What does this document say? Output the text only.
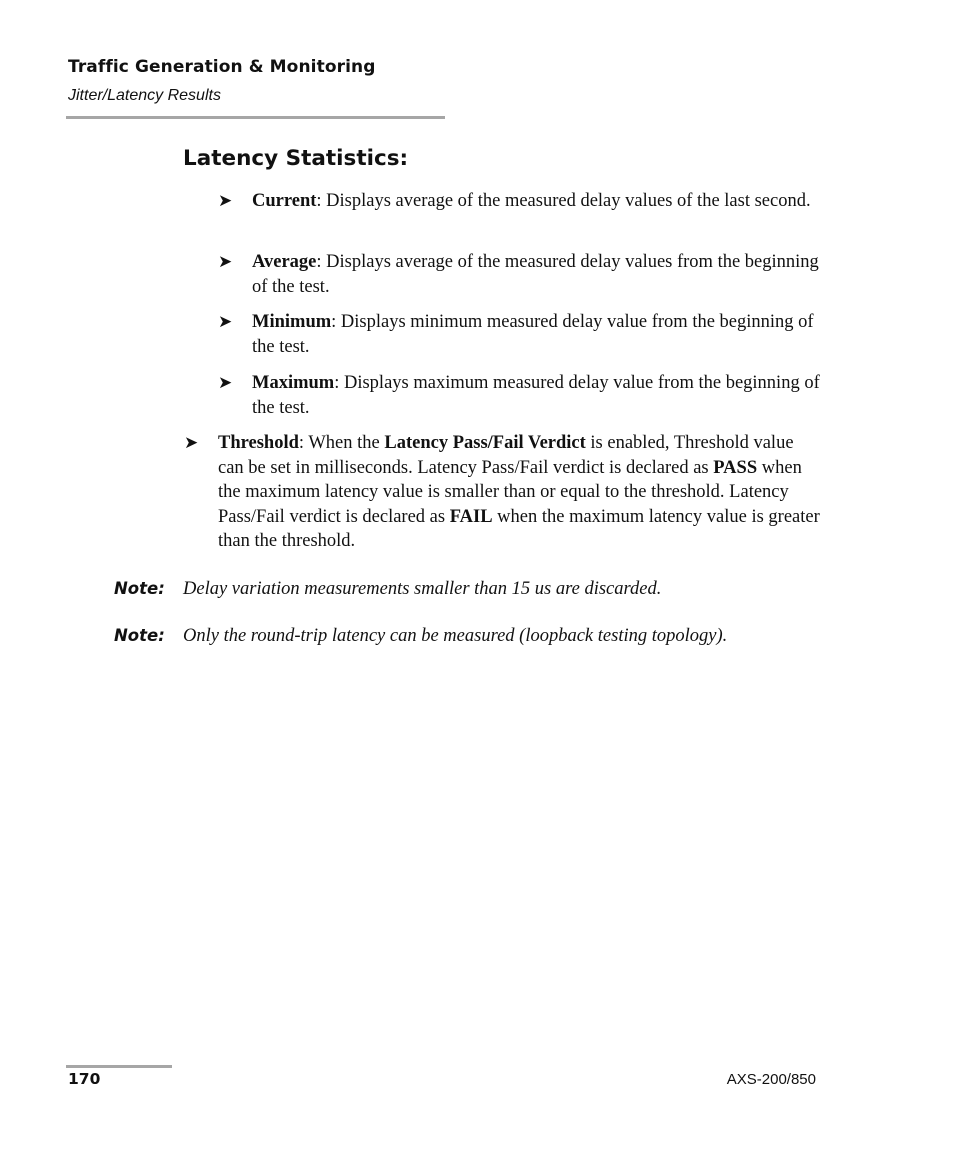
Traffic Generation & Monitoring
Jitter/Latency Results
Latency Statistics:
➤ Current: Displays average of the measured delay values of the last second.
➤ Average: Displays average of the measured delay values from the beginning of the test.
➤ Minimum: Displays minimum measured delay value from the beginning of the test.
➤ Maximum: Displays maximum measured delay value from the beginning of the test.
➤ Threshold: When the Latency Pass/Fail Verdict is enabled, Threshold value can be set in milliseconds. Latency Pass/Fail verdict is declared as PASS when the maximum latency value is smaller than or equal to the threshold. Latency Pass/Fail verdict is declared as FAIL when the maximum latency value is greater than the threshold.
Note: Delay variation measurements smaller than 15 us are discarded.
Note: Only the round-trip latency can be measured (loopback testing topology).
170	AXS-200/850
